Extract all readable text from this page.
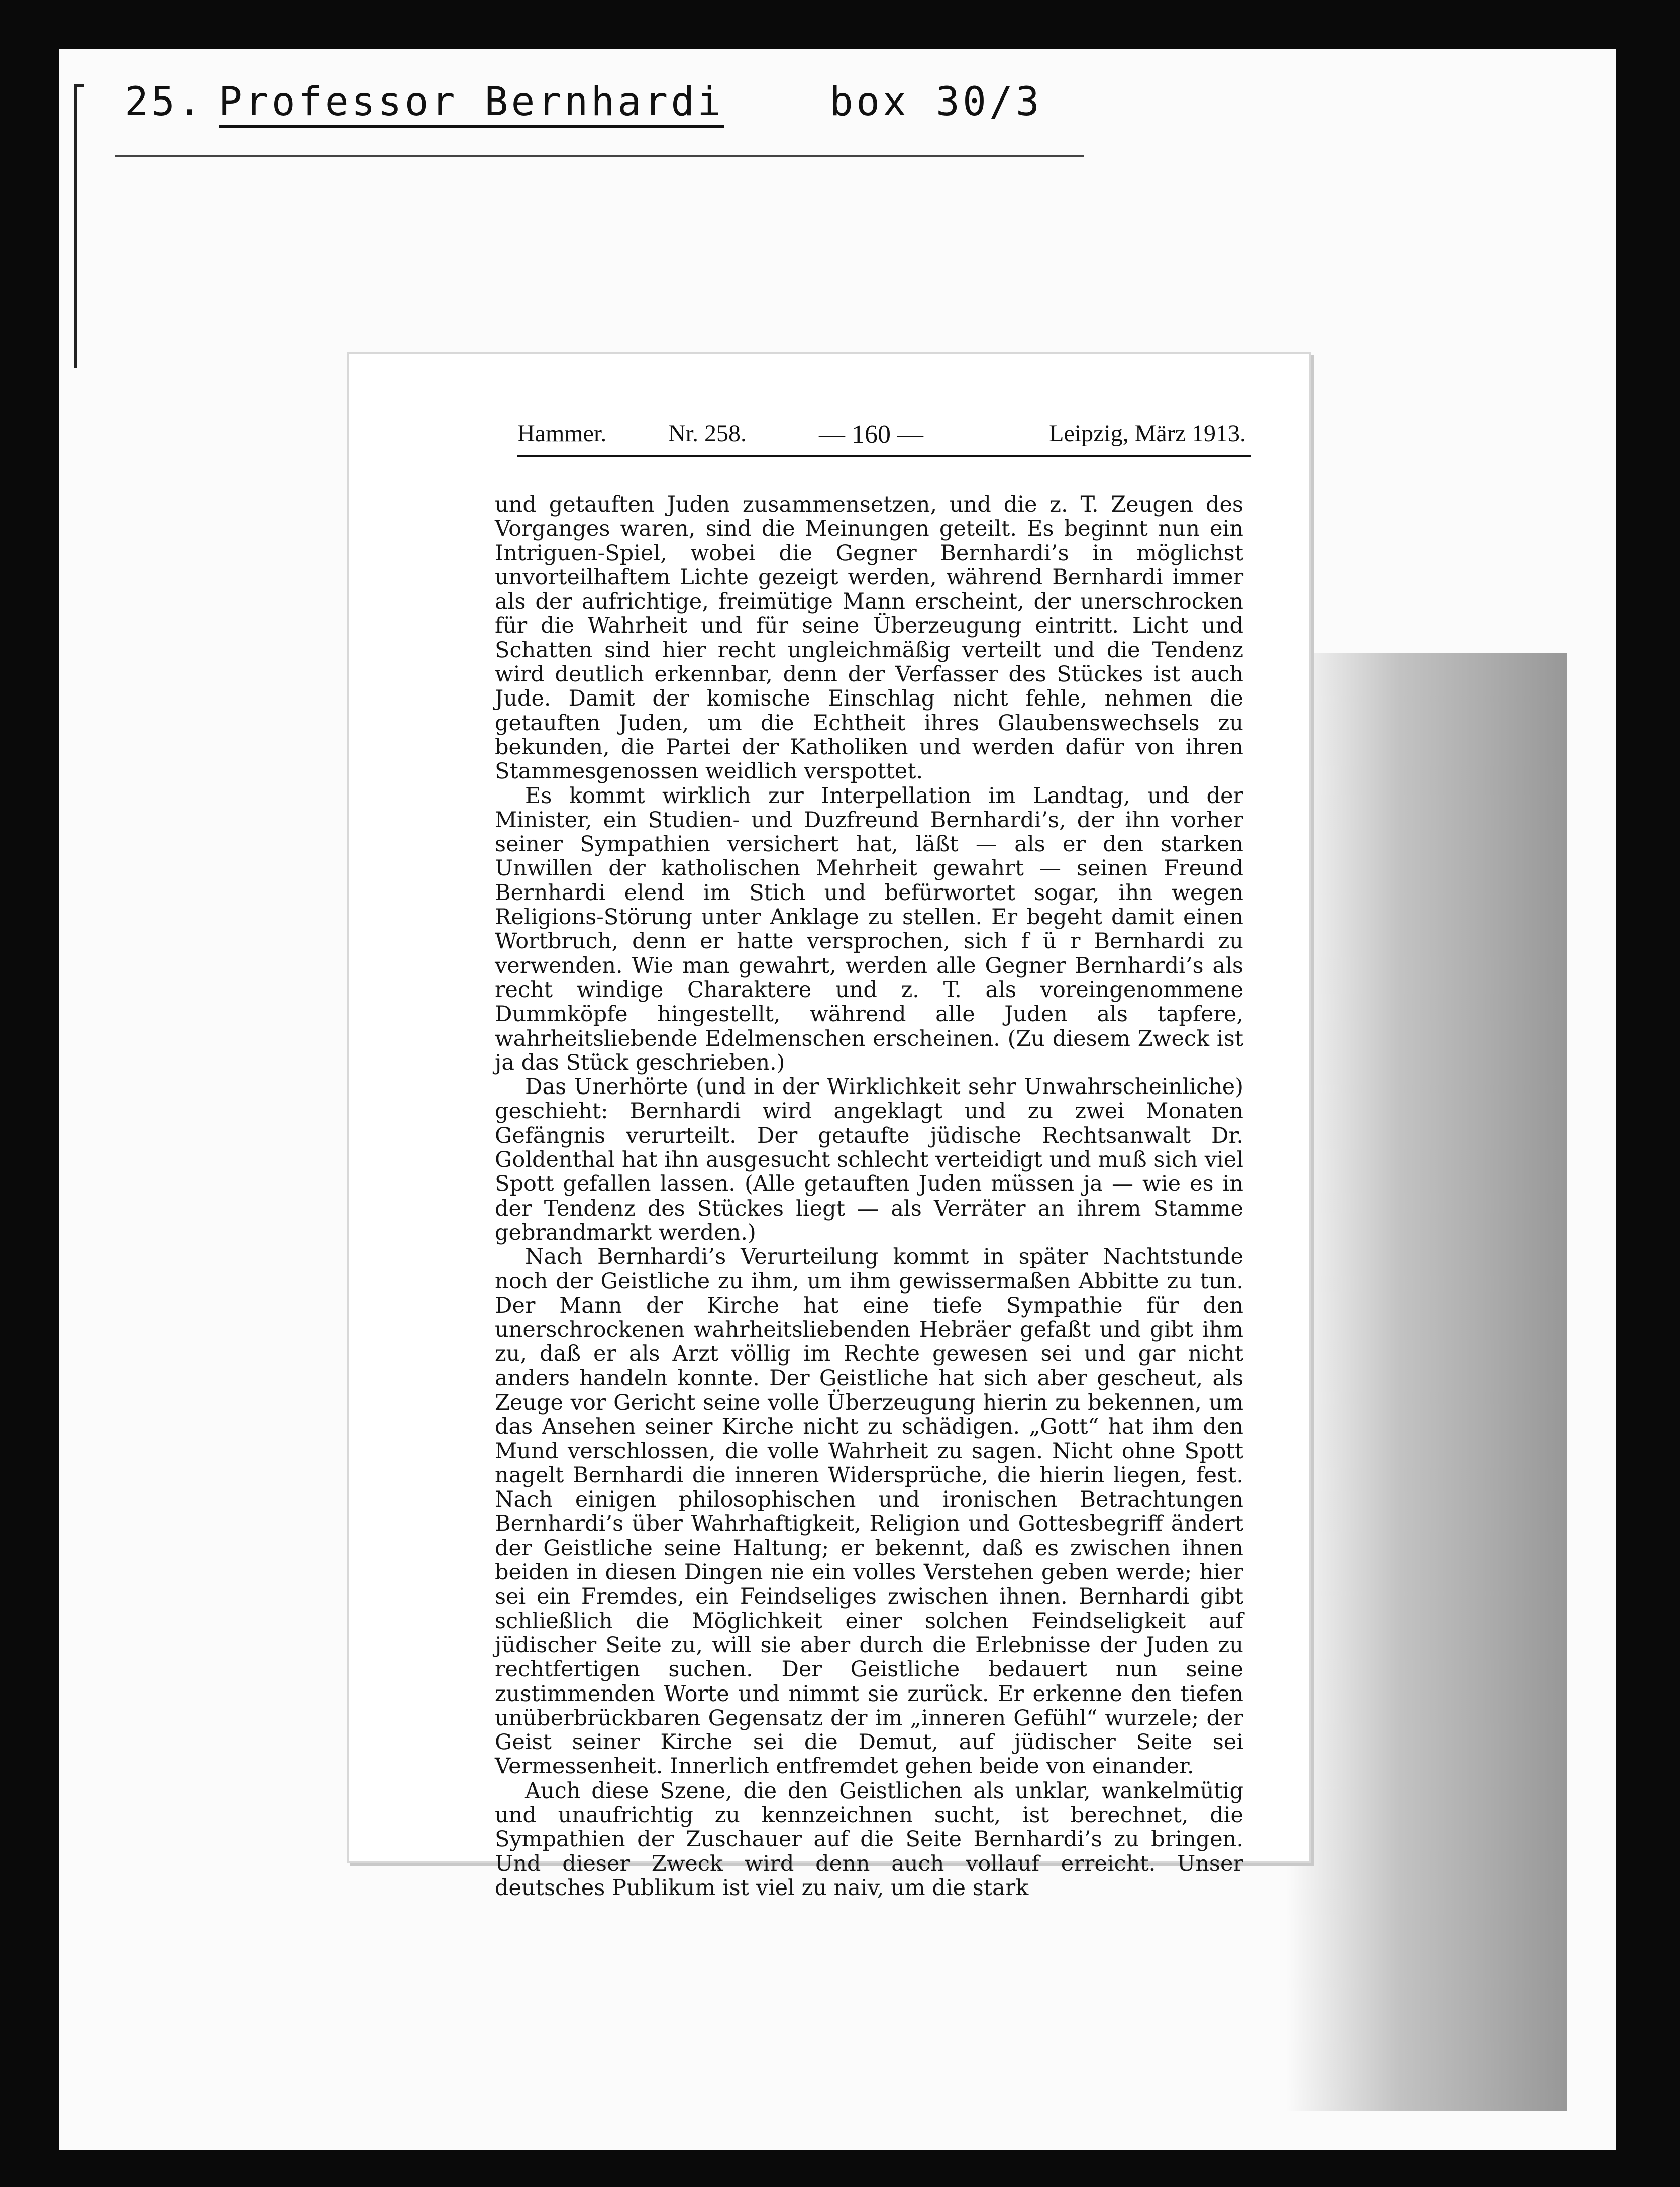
25. Professor Bernhardi	box 30/3
Hammer.	Nr. 258.	— 160 —	Leipzig, März 1913.

und getauften Juden zusammensetzen, und die z. T. Zeugen des Vorganges waren, sind die Meinungen geteilt. Es beginnt nun ein Intriguen-Spiel, wobei die Gegner Bernhardi’s in möglichst unvorteilhaftem Lichte gezeigt werden, während Bernhardi immer als der aufrichtige, freimütige Mann erscheint, der unerschrocken für die Wahrheit und für seine Überzeugung eintritt. Licht und Schatten sind hier recht ungleichmäßig verteilt und die Tendenz wird deutlich erkennbar, denn der Verfasser des Stückes ist auch Jude. Damit der komische Einschlag nicht fehle, nehmen die getauften Juden, um die Echtheit ihres Glaubenswechsels zu bekunden, die Partei der Katholiken und werden dafür von ihren Stammesgenossen weidlich verspottet.

Es kommt wirklich zur Interpellation im Landtag, und der Minister, ein Studien- und Duzfreund Bernhardi’s, der ihn vorher seiner Sympathien versichert hat, läßt — als er den starken Unwillen der katholischen Mehrheit gewahrt — seinen Freund Bernhardi elend im Stich und befürwortet sogar, ihn wegen Religions-Störung unter Anklage zu stellen. Er begeht damit einen Wortbruch, denn er hatte versprochen, sich f ü r Bernhardi zu verwenden. Wie man gewahrt, werden alle Gegner Bernhardi’s als recht windige Charaktere und z. T. als voreingenommene Dummköpfe hingestellt, während alle Juden als tapfere, wahrheitsliebende Edelmenschen erscheinen. (Zu diesem Zweck ist ja das Stück geschrieben.)

Das Unerhörte (und in der Wirklichkeit sehr Unwahrscheinliche) geschieht: Bernhardi wird angeklagt und zu zwei Monaten Gefängnis verurteilt. Der getaufte jüdische Rechtsanwalt Dr. Goldenthal hat ihn ausgesucht schlecht verteidigt und muß sich viel Spott gefallen lassen. (Alle getauften Juden müssen ja — wie es in der Tendenz des Stückes liegt — als Verräter an ihrem Stamme gebrandmarkt werden.)

Nach Bernhardi’s Verurteilung kommt in später Nachtstunde noch der Geistliche zu ihm, um ihm gewissermaßen Abbitte zu tun. Der Mann der Kirche hat eine tiefe Sympathie für den unerschrockenen wahrheitsliebenden Hebräer gefaßt und gibt ihm zu, daß er als Arzt völlig im Rechte gewesen sei und gar nicht anders handeln konnte. Der Geistliche hat sich aber gescheut, als Zeuge vor Gericht seine volle Überzeugung hierin zu bekennen, um das Ansehen seiner Kirche nicht zu schädigen. „Gott“ hat ihm den Mund verschlossen, die volle Wahrheit zu sagen. Nicht ohne Spott nagelt Bernhardi die inneren Widersprüche, die hierin liegen, fest. Nach einigen philosophischen und ironischen Betrachtungen Bernhardi’s über Wahrhaftigkeit, Religion und Gottesbegriff ändert der Geistliche seine Haltung; er bekennt, daß es zwischen ihnen beiden in diesen Dingen nie ein volles Verstehen geben werde; hier sei ein Fremdes, ein Feindseliges zwischen ihnen. Bernhardi gibt schließlich die Möglichkeit einer solchen Feindseligkeit auf jüdischer Seite zu, will sie aber durch die Erlebnisse der Juden zu rechtfertigen suchen. Der Geistliche bedauert nun seine zustimmenden Worte und nimmt sie zurück. Er erkenne den tiefen unüberbrückbaren Gegensatz der im „inneren Gefühl“ wurzele; der Geist seiner Kirche sei die Demut, auf jüdischer Seite sei Vermessenheit. Innerlich entfremdet gehen beide von einander.

Auch diese Szene, die den Geistlichen als unklar, wankelmütig und unaufrichtig zu kennzeichnen sucht, ist berechnet, die Sympathien der Zuschauer auf die Seite Bernhardi’s zu bringen. Und dieser Zweck wird denn auch vollauf erreicht. Unser deutsches Publikum ist viel zu naiv, um die stark
